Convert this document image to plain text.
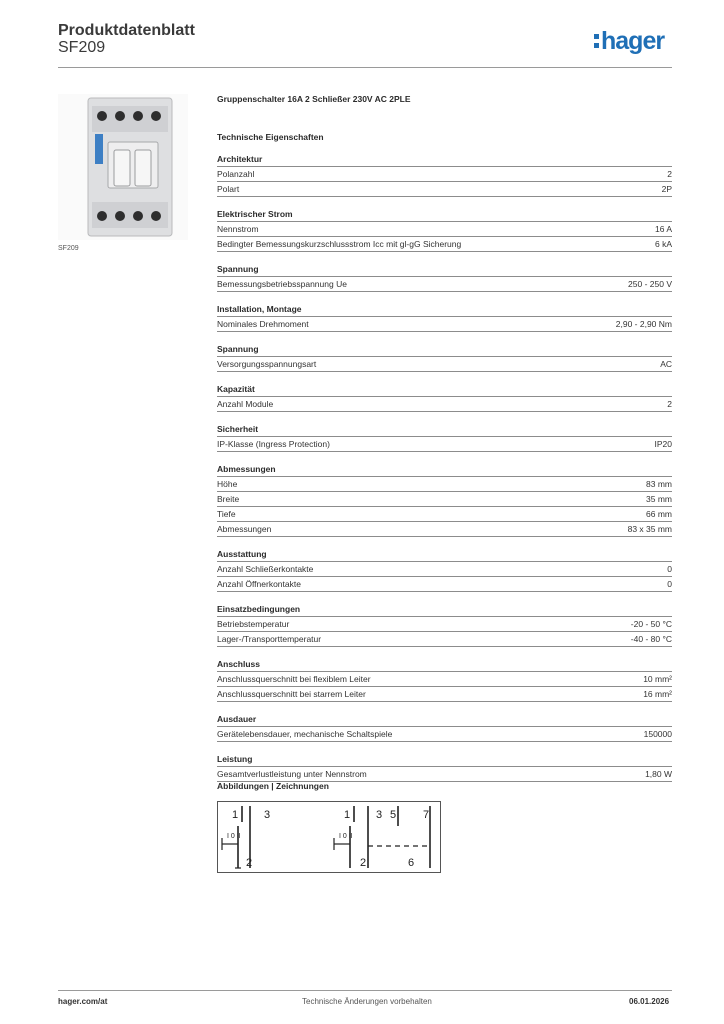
Produktdatenblatt
SF209	hager
SF209
Gruppenschalter 16A 2 Schließer 230V AC 2PLE
Technische Eigenschaften
Architektur
Polanzahl	2
Polart	2P
Elektrischer Strom
Nennstrom	16 A
Bedingter Bemessungskurzschlussstrom Icc mit gl-gG Sicherung	6 kA
Spannung
Bemessungsbetriebsspannung Ue	250 - 250 V
Installation, Montage
Nominales Drehmoment	2,90 - 2,90 Nm
Spannung
Versorgungsspannungsart	AC
Kapazität
Anzahl Module	2
Sicherheit
IP-Klasse (Ingress Protection)	IP20
Abmessungen
Höhe	83 mm
Breite	35 mm
Tiefe	66 mm
Abmessungen	83 x 35 mm
Ausstattung
Anzahl Schließerkontakte	0
Anzahl Öffnerkontakte	0
Einsatzbedingungen
Betriebstemperatur	-20 - 50 °C
Lager-/Transporttemperatur	-40 - 80 °C
Anschluss
Anschlussquerschnitt bei flexiblem Leiter	10 mm²
Anschlussquerschnitt bei starrem Leiter	16 mm²
Ausdauer
Gerätelebensdauer, mechanische Schaltspiele	150000
Leistung
Gesamtverlustleistung unter Nennstrom	1,80 W
Abbildungen | Zeichnungen
1 3
I 0 II
2
1 3 5 7
I 0 II
2	6
hager.com/at	Technische Änderungen vorbehalten	06.01.2026
